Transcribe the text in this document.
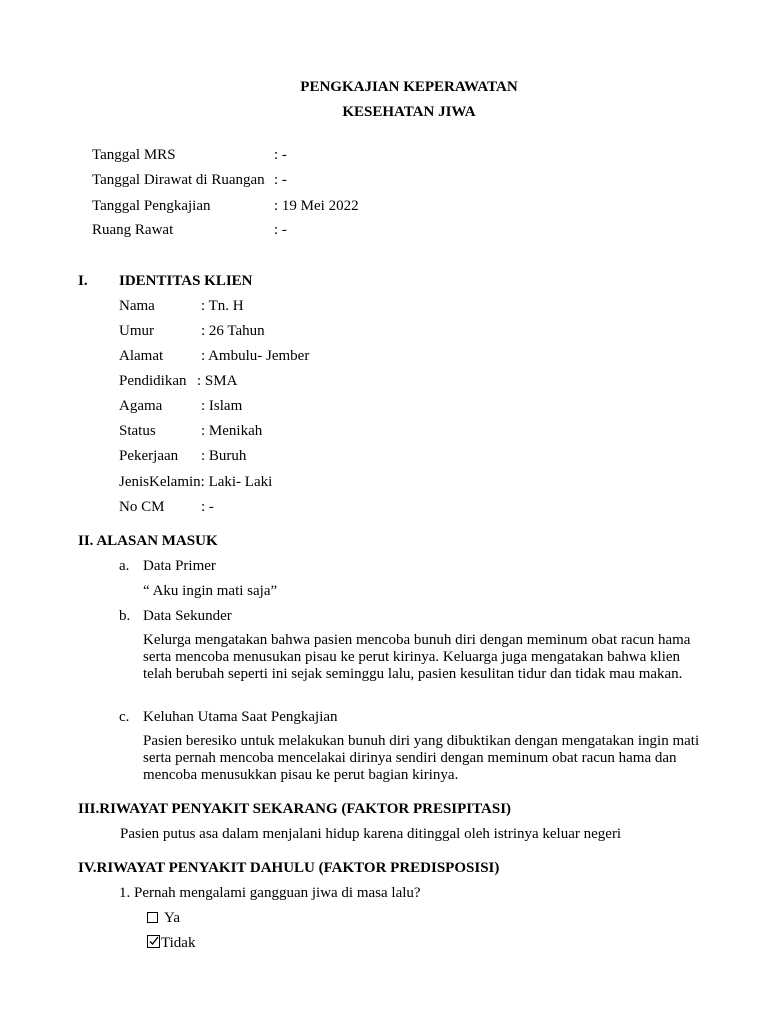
PENGKAJIAN KEPERAWATAN
KESEHATAN JIWA
Tanggal MRS	: -
Tanggal Dirawat di Ruangan : -
Tanggal Pengkajian	: 19 Mei 2022
Ruang Rawat	: -
I. IDENTITAS KLIEN
Nama	: Tn. H
Umur	: 26 Tahun
Alamat	: Ambulu- Jember
Pendidikan : SMA
Agama	: Islam
Status	: Menikah
Pekerjaan : Buruh
JenisKelamin: Laki- Laki
No CM : -
II. ALASAN MASUK
a. Data Primer
“ Aku ingin mati saja”
b. Data Sekunder
Kelurga mengatakan bahwa pasien mencoba bunuh diri dengan meminum obat racun hama serta mencoba menusukan pisau ke perut kirinya. Keluarga juga mengatakan bahwa klien telah berubah seperti ini sejak seminggu lalu, pasien kesulitan tidur dan tidak mau makan.
c. Keluhan Utama Saat Pengkajian
Pasien beresiko untuk melakukan bunuh diri yang dibuktikan dengan mengatakan ingin mati serta pernah mencoba mencelakai dirinya sendiri dengan meminum obat racun hama dan mencoba menusukkan pisau ke perut bagian kirinya.
III.RIWAYAT PENYAKIT SEKARANG (FAKTOR PRESIPITASI)
Pasien putus asa dalam menjalani hidup karena ditinggal oleh istrinya keluar negeri
IV.RIWAYAT PENYAKIT DAHULU (FAKTOR PREDISPOSISI)
1. Pernah mengalami gangguan jiwa di masa lalu?
Ya
Tidak
